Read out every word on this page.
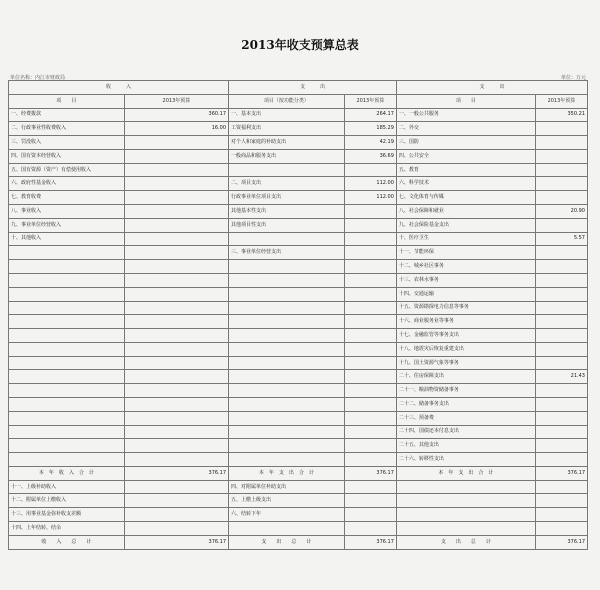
2013年收支预算总表
单位名称：内江市财政局	单位：万元
收　　　入		支　　　出		支　　　出	
项　　目	2013年预算	项目（按功能分类）	2013年预算	项　　目	2013年预算
一、经费拨款	360.17	一、基本支出	264.17	一、一般公共服务	350.21
二、行政事业性收费收入	16.00	工资福利支出	185.29	二、外交	
三、罚没收入		对个人和家庭的补助支出	42.19	三、国防	
四、国有资本经营收入		一般商品和服务支出	36.69	四、公共安全	
五、国有资源（资产）有偿使用收入				五、教育	
六、政府性基金收入		二、项目支出	112.00	六、科学技术	
七、教育收费		行政事业单位项目支出	112.00	七、文化体育与传媒	
八、事业收入		其他基本性支出		八、社会保障和就业	20.90
九、事业单位经营收入		其他项目性支出		九、社会保险基金支出	
十、其他收入				十、医疗卫生	5.57
		三、事业单位经营支出		十一、节能环保	
				十二、城乡社区事务	
				十三、农林水事务	
				十四、交通运输	
				十五、资源勘探电力信息等事务	
				十六、商业服务业等事务	
				十七、金融监管等事务支出	
				十八、地震灾后恢复重建支出	
				十九、国土资源气象等事务	
				二十、住房保障支出	21.43
				二十一、粮油物资储备事务	
				二十二、储备事务支出	
				二十三、预备费	
				二十四、国债还本付息支出	
				二十五、其他支出	
				二十六、转移性支出	
本　年　收　入　合　计	376.17	本　年　支　出　合　计	376.17	本　年　支　出　合　计	376.17
十一、上级补助收入		四、对附属单位补助支出			
十二、附属单位上缴收入		五、上缴上级支出			
十三、用事业基金弥补收支差额		六、结转下年			
十四、上年结转、结余					
收　　入　　总　　计	376.17	支　　出　　总　　计	376.17	支　　出　　总　　计	376.17
